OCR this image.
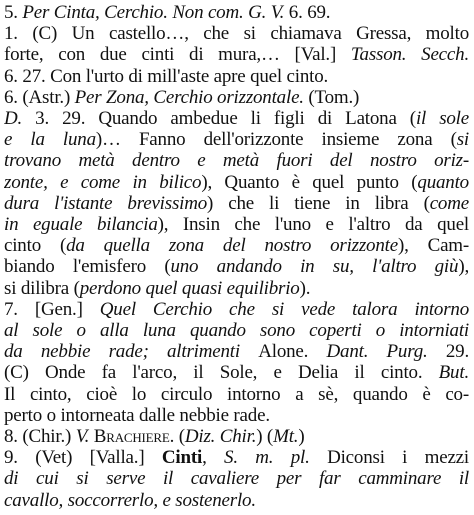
5. Per Cinta, Cerchio. Non com. G. V. 6. 69.
1. (C) Un castello…, che si chiamava Gressa, molto
forte, con due cinti di mura,… [Val.] Tasson. Secch.
6. 27. Con l'urto di mill'aste apre quel cinto.
6. (Astr.) Per Zona, Cerchio orizzontale. (Tom.)
D. 3. 29. Quando ambedue li figli di Latona (il sole
e la luna)… Fanno dell'orizzonte insieme zona (si
trovano metà dentro e metà fuori del nostro oriz-
zonte, e come in bilico), Quanto è quel punto (quanto
dura l'istante brevissimo) che li tiene in libra (come
in eguale bilancia), Insin che l'uno e l'altro da quel
cinto (da quella zona del nostro orizzonte), Cam-
biando l'emisfero (uno andando in su, l'altro giù),
si dilibra (perdono quel quasi equilibrio).
7. [Gen.] Quel Cerchio che si vede talora intorno
al sole o alla luna quando sono coperti o intorniati
da nebbie rade; altrimenti Alone. Dant. Purg. 29.
(C) Onde fa l'arco, il Sole, e Delia il cinto. But.
Il cinto, cioè lo circulo intorno a sè, quando è co-
perto o intorneata dalle nebbie rade.
8. (Chir.) V. Brachiere. (Diz. Chir.) (Mt.)
9. (Vet) [Valla.] Cinti, S. m. pl. Diconsi i mezzi
di cui si serve il cavaliere per far camminare il
cavallo, soccorrerlo, e sostenerlo.
